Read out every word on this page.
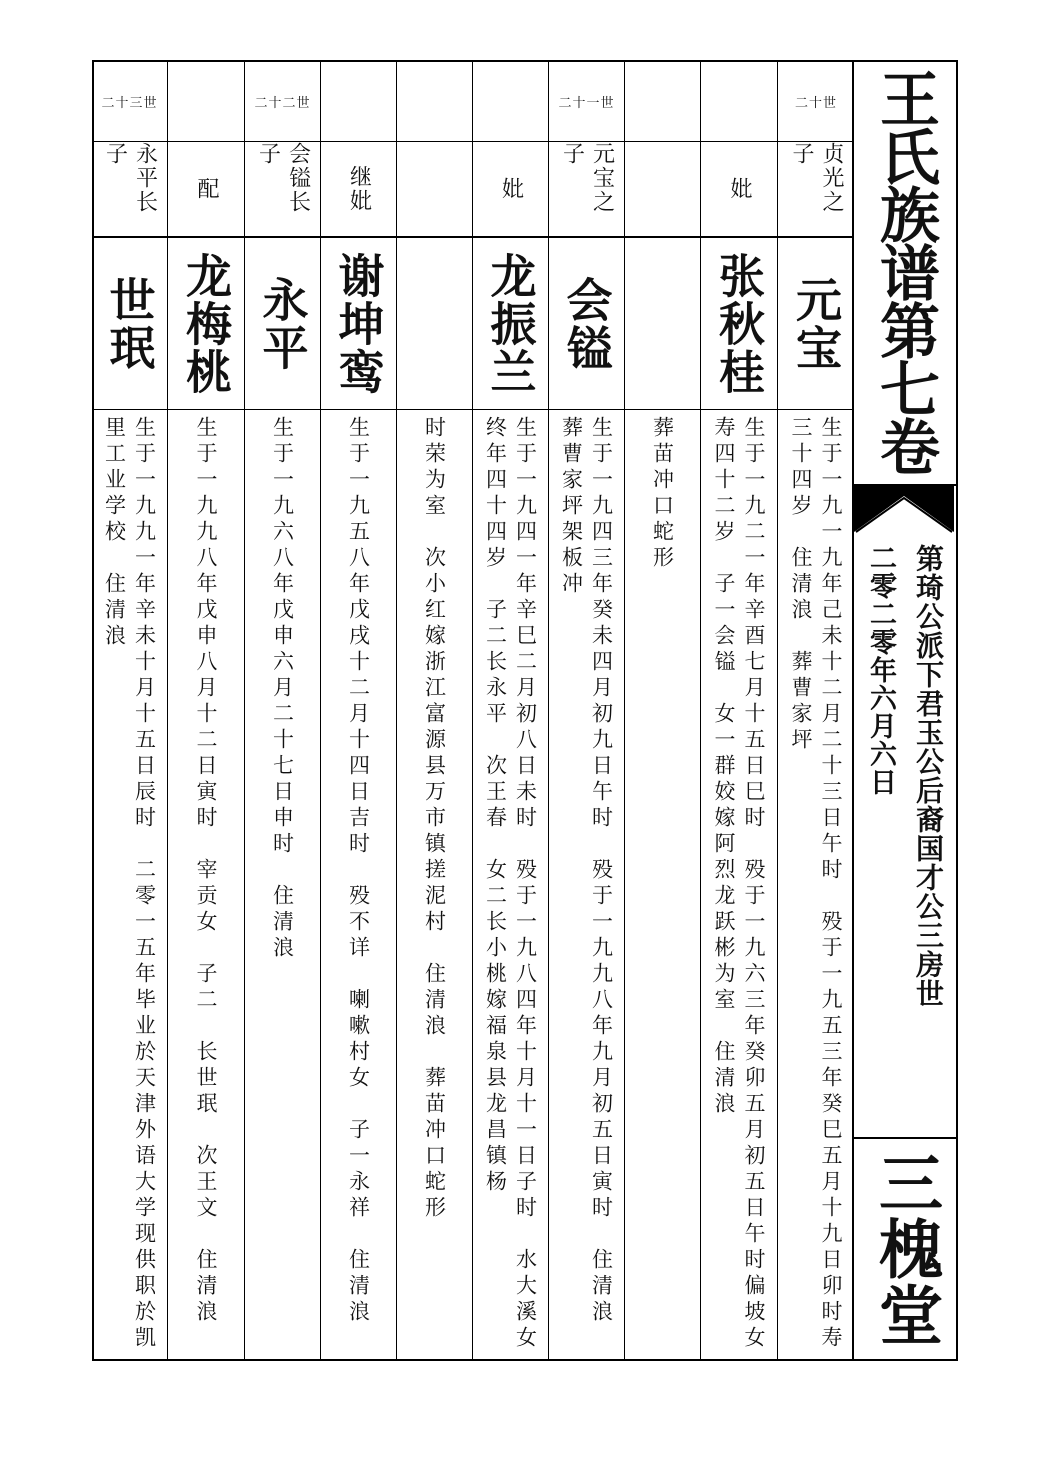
王氏族谱第七卷
第琦公派下君玉公后裔国才公三房世
二零二零年六月六日
三槐堂
二十世
贞光之子
元宝
生于一九一九年己未十二月二十三日午时　殁于一九五三年癸巳五月十九日卯时寿三十四岁　住清浪　葬曹家坪
妣
张秋桂
生于一九二一年辛酉七月十五日巳时　殁于一九六三年癸卯五月初五日午时偏坡女　寿四十二岁　子一会镒　女一群姣嫁阿烈龙跃彬为室　住清浪
葬苗冲口蛇形
二十一世
元宝之子
会镒
生于一九四三年癸未四月初九日午时　殁于一九九八年九月初五日寅时　住清浪　葬曹家坪架板冲
妣
龙振兰
生于一九四一年辛巳二月初八日未时　殁于一九八四年十月十一日子时　水大溪女终年四十四岁　子二长永平　次王春　女二长小桃嫁福泉县龙昌镇杨
时荣为室　次小红嫁浙江富源县万市镇搓泥村　住清浪　葬苗冲口蛇形
继妣
谢坤鸾
生于一九五八年戊戌十二月十四日吉时　殁不详　喇嗽村女　子一永祥　住清浪
二十二世
会镒长子
永平
生于一九六八年戊申六月二十七日申时　住清浪
配
龙梅桃
生于一九九八年戊申八月十二日寅时　宰贡女　子二　长世珉　次王文　住清浪
二十三世
永平长子
世珉
生于一九九一年辛未十月十五日辰时　二零一五年毕业於天津外语大学现供职於凯里工业学校　住清浪
